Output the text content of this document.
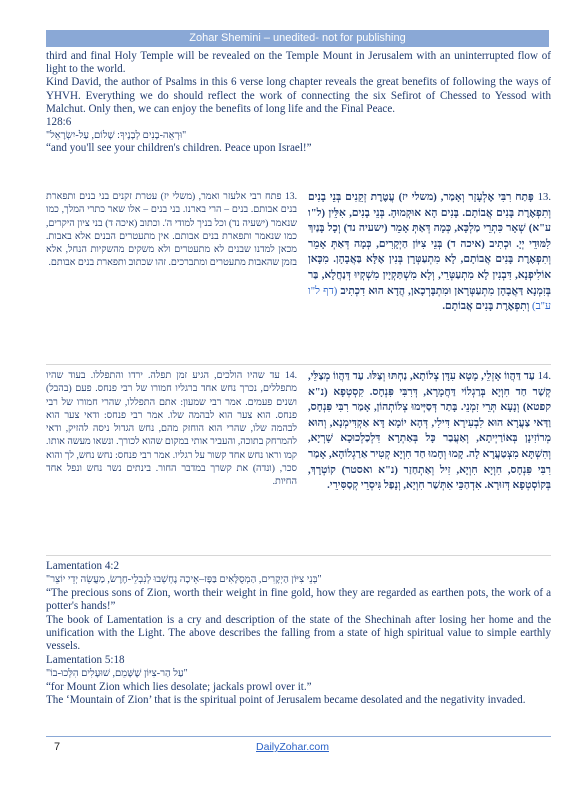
Zohar Shemini – unedited- not for publishing

third and final Holy Temple will be revealed on the Temple Mount in Jerusalem with an uninterrupted flow of light to the world.

Kind David, the author of Psalms in this 6 verse long chapter reveals the great benefits of following the ways of YHVH. Everything we do should reflect the work of connecting the six Sefirot of Chessed to Yessod with Malchut. Only then, we can enjoy the benefits of long life and the Final Peace.

128:6

"וּרְאֵה-בָנִים לְבָנֶיךָ: שָׁלוֹם, עַל-יִשְׂרָאֵל"

“and you'll see your children's children. Peace upon Israel!”

13. פָּתַח רִבִּי אֶלְעָזָר וְאָמַר, (משלי יז) עֲטֶרֶת זְקֵנִים בְּנֵי בָנִים וְתִפְאֶרֶת בָּנִים אֲבוֹתָם. בָּנִים הָא אוּקְמוּהָ. בְּנֵי בָנִים, אִלֵּין (ל"ו ע"א) שְׁאָר כִּתְרֵי מַלְכָּא, כְּמָה דְּאַתְּ אָמֵר (ישעיה נד) וְכָל בָּנַיִךְ לִמּוּדֵי יְיָ. וּכְתִיב (איכה ד) בְּנֵי צִיּוֹן הַיְקָרִים, כְּמָה דְּאַתְּ אָמֵר וְתִפְאֶרֶת בָּנִים אֲבוֹתָם, לָא מִתְעַטְּרָן בְּנִין אֶלָּא בַּאֲבָהָן. מִכָּאן אוֹלִיפְנָא, דִּבְנִין לָא מִתְעַטְּרֵי, וְלָא מִשְׁתַּקְיָין מִשְׁקְיוּ דְּנַחֲלָא, בַּר בְּזִמְנָא דַּאֲבָהָן מִתְעַטְּרָאן וּמִתְבָּרְכָאן, הֲדָא הוּא דִכְתִיב (דף ל"ו ע"ב) וְתִפְאֶרֶת בָּנִים אֲבוֹתָם.
13. פתח רבי אלעזר ואמר, (משלי יז) עטרת זקנים בני בנים ותפארת בנים אבותם. בנים – הרי בארנו. בני בנים – אלו שאר כתרי המלך, כמו שנאמר (ישעיה נד) וכל בניך למודי ה'. וכתוב (איכה ד) בני ציון היקרים, כמו שנאמר ותפארת בנים אבותם. אין מתעטרים הבנים אלא באבות. מכאן למדנו שבנים לא מתעטרים ולא משקים מהשקיות הנחל, אלא בזמן שהאבות מתעטרים ומתברכים. זהו שכתוב ותפארת בנים אבותם.
14. עַד דַּהֲווֹ אָזְלֵי, מָטָא עִדָּן צְלוֹתָא, נַחְתּוּ וְצַלּוּ. עַד דַּהֲווֹ מְצַלֵּי, קְשַׁר חַד חִוְיָא בְּרַגְלוֹי דַּחֲמָרָא, דְּרִבִּי פִּנְחָס. קִסְטְפָא (נ"א קפטא) וְנָעָא תְּרֵי זִמְנֵי. בָּתַר דְּסַיְּימוּ צְלוֹתְהוֹן, אָמַר רִבִּי פִּנְחָס, וַדַּאי צַעֲרָא הוּא לִבְעִירָא דִּילִי, דְּהָא יוֹמָא דָּא אַקְדִּימְנָא, וְהוּא מְרוֹזִינָן בְּאוֹרַיְיתָא, וְאַעֲבַר כָּל בְּאַתְרָא דִּלְכַלְכוּכָא שָׁרְיָא, וְהִשְׁתָּא מִצְטַעֲרָא לָה. קָמוּ וְחָמוּ חַד חִוְיָא קְטִיר אַרַגְלוֹהָא, אָמַר רִבִּי פִּנְחָס, חִוְיָא חִוְיָא, זִיל וְאַתְחַזַר (נ"א ואסטר) קוֹטְרָךְ, בְּקוֹסְטְפָא דְּזוּרָא. אִדְהַכֵּי אִתְּשַׁר חִוְיָא, וְנָפַל גִּיסְרֵי קְסַסִּירֵי.
14. עד שהיו הולכים, הגיע זמן תפלה. ירדו והתפללו. בעוד שהיו מתפללים, נכרך נחש אחד ברגליו חמורו של רבי פנחס. פעם (בהבל) ושנים פעמים. אמר רבי שמעון: אתם התפללו, שהרי חמורו של רבי פנחס. הוא צער הוא לבהמה שלו. אמר רבי פנחס: ודאי צער הוא לבהמה שלו, שהרי הוא הוחזק מהם, נחש הגדול ניסה להזיק, ודאי להמרחק בתוכה, והעביר אותי במקום שהוא לכורך. ונשאו מעשה אותו. קמו וראו נחש אחד קשור על רגליו. אמר רבי פנחס: נחש נחש, לך והוא סכר, (ונדה) את קשרך במדבר החור. בינתים נשר נחש ונפל אחד החיות.

Lamentation 4:2

"בְּנֵי צִיּוֹן הַיְקָרִים, הַמְסֻלָּאִים בַּפָּז–אֵיכָה נֶחְשְׁבוּ לְנִבְלֵי-חֶרֶשׂ, מַעֲשֵׂה יְדֵי יוֹצֵר"

“The precious sons of Zion, worth their weight in fine gold, how they are regarded as earthen pots, the work of a potter's hands!”

The book of Lamentation is a cry and description of the state of the Shechinah after losing her home and the unification with the Light. The above describes the falling from a state of high spiritual value to simple earthly vessels.

Lamentation 5:18

"עַל הַר-צִיּוֹן שֶׁשָּׁמֵם, שׁוּעָלִים הִלְּכוּ-בוֹ"

“for Mount Zion which lies desolate; jackals prowl over it.”

The ‘Mountain of Zion’ that is the spiritual point of Jerusalem became desolated and the negativity invaded.

7	DailyZohar.com
